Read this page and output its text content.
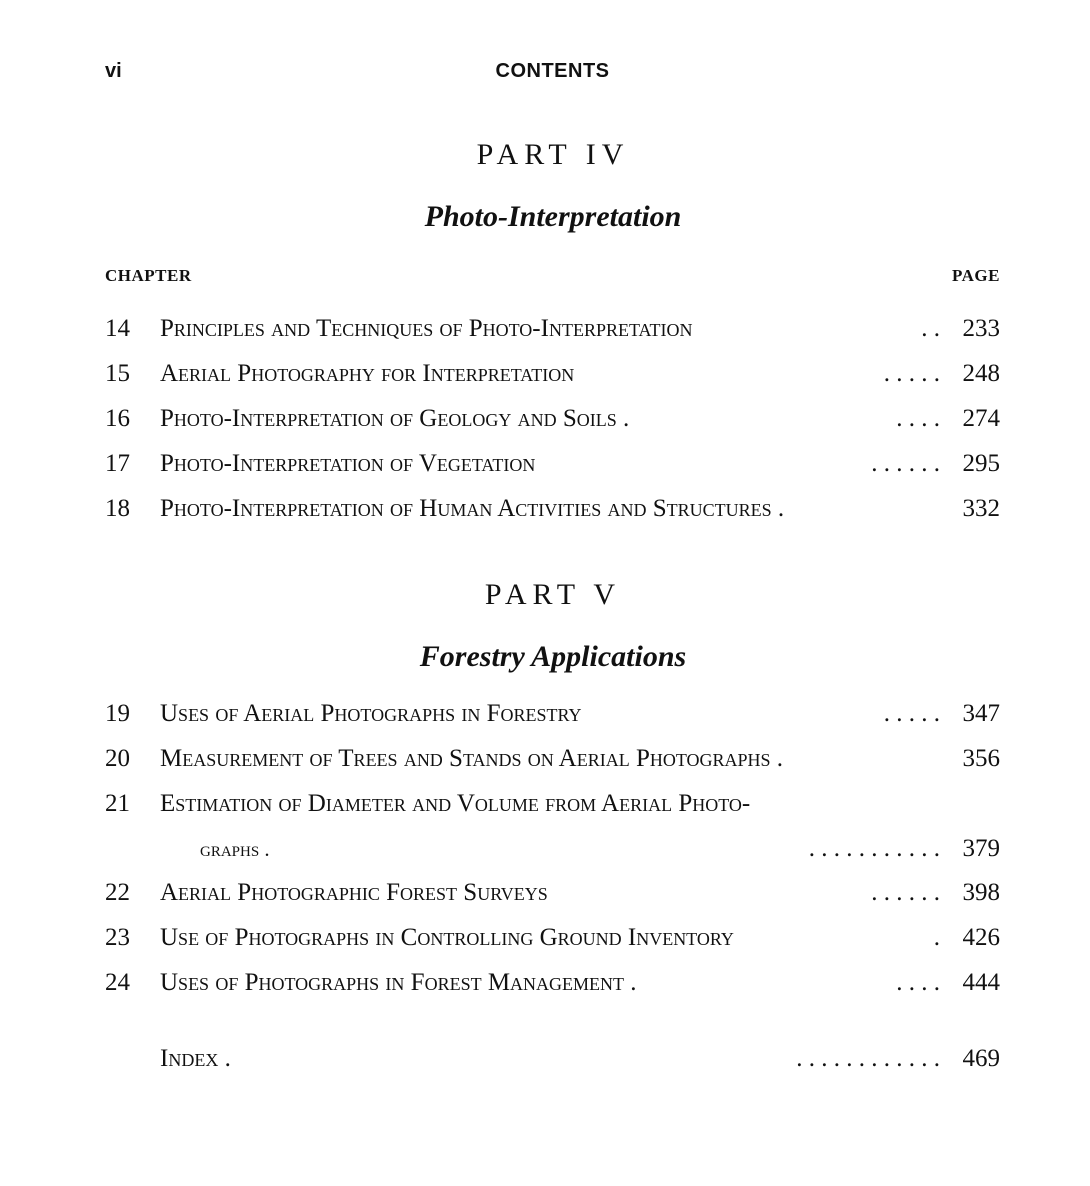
vi	CONTENTS
PART IV
Photo-Interpretation
CHAPTER	PAGE
14 Principles and Techniques of Photo-Interpretation	. . 233
15 Aerial Photography for Interpretation	. . . . . 248
16 Photo-Interpretation of Geology and Soils .	. . . . 274
17 Photo-Interpretation of Vegetation	. . . . . . 295
18 Photo-Interpretation of Human Activities and Structures .	332
PART V
Forestry Applications
19 Uses of Aerial Photographs in Forestry	. . . . . 347
20 Measurement of Trees and Stands on Aerial Photographs .	356
21 Estimation of Diameter and Volume from Aerial Photo-
graphs .	. . . . . . . . . . . 379
22 Aerial Photographic Forest Surveys	. . . . . . 398
23 Use of Photographs in Controlling Ground Inventory	. 426
24 Uses of Photographs in Forest Management .	. . . . 444
Index .	. . . . . . . . . . . . 469
